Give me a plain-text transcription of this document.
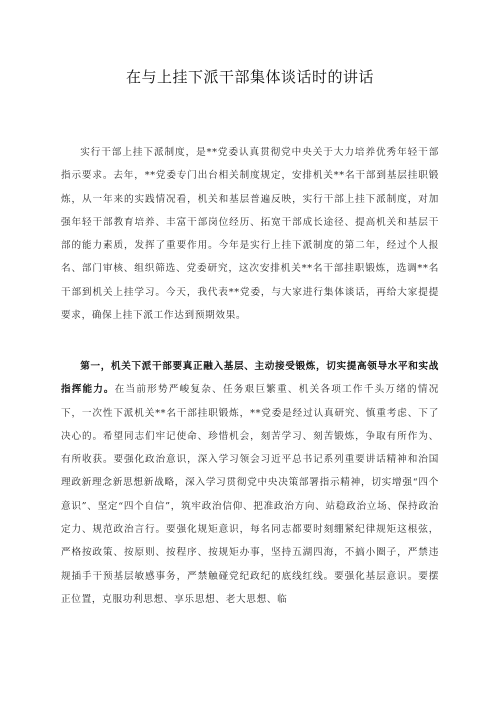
在与上挂下派干部集体谈话时的讲话

实行干部上挂下派制度，是**党委认真贯彻党中央关于大力培养优秀年轻干部指示要求。去年，**党委专门出台相关制度规定，安排机关**名干部到基层挂职锻炼，从一年来的实践情况看，机关和基层普遍反映，实行干部上挂下派制度，对加强年轻干部教育培养、丰富干部岗位经历、拓宽干部成长途径、提高机关和基层干部的能力素质，发挥了重要作用。今年是实行上挂下派制度的第二年，经过个人报名、部门审核、组织筛选、党委研究，这次安排机关**名干部挂职锻炼，选调**名干部到机关上挂学习。今天，我代表**党委，与大家进行集体谈话，再给大家提提要求，确保上挂下派工作达到预期效果。

第一，机关下派干部要真正融入基层、主动接受锻炼，切实提高领导水平和实战指挥能力。在当前形势严峻复杂、任务艰巨繁重、机关各项工作千头万绪的情况下，一次性下派机关**名干部挂职锻炼，**党委是经过认真研究、慎重考虑、下了决心的。希望同志们牢记使命、珍惜机会，刻苦学习、刻苦锻炼，争取有所作为、有所收获。要强化政治意识，深入学习领会习近平总书记系列重要讲话精神和治国理政新理念新思想新战略，深入学习贯彻党中央决策部署指示精神，切实增强“四个意识”、坚定“四个自信”，筑牢政治信仰、把准政治方向、站稳政治立场、保持政治定力、规范政治言行。要强化规矩意识，每名同志都要时刻绷紧纪律规矩这根弦，严格按政策、按原则、按程序、按规矩办事，坚持五湖四海，不搞小圈子，严禁违规插手干预基层敏感事务，严禁触碰党纪政纪的底线红线。要强化基层意识。要摆正位置，克服功利思想、享乐思想、老大思想、临
